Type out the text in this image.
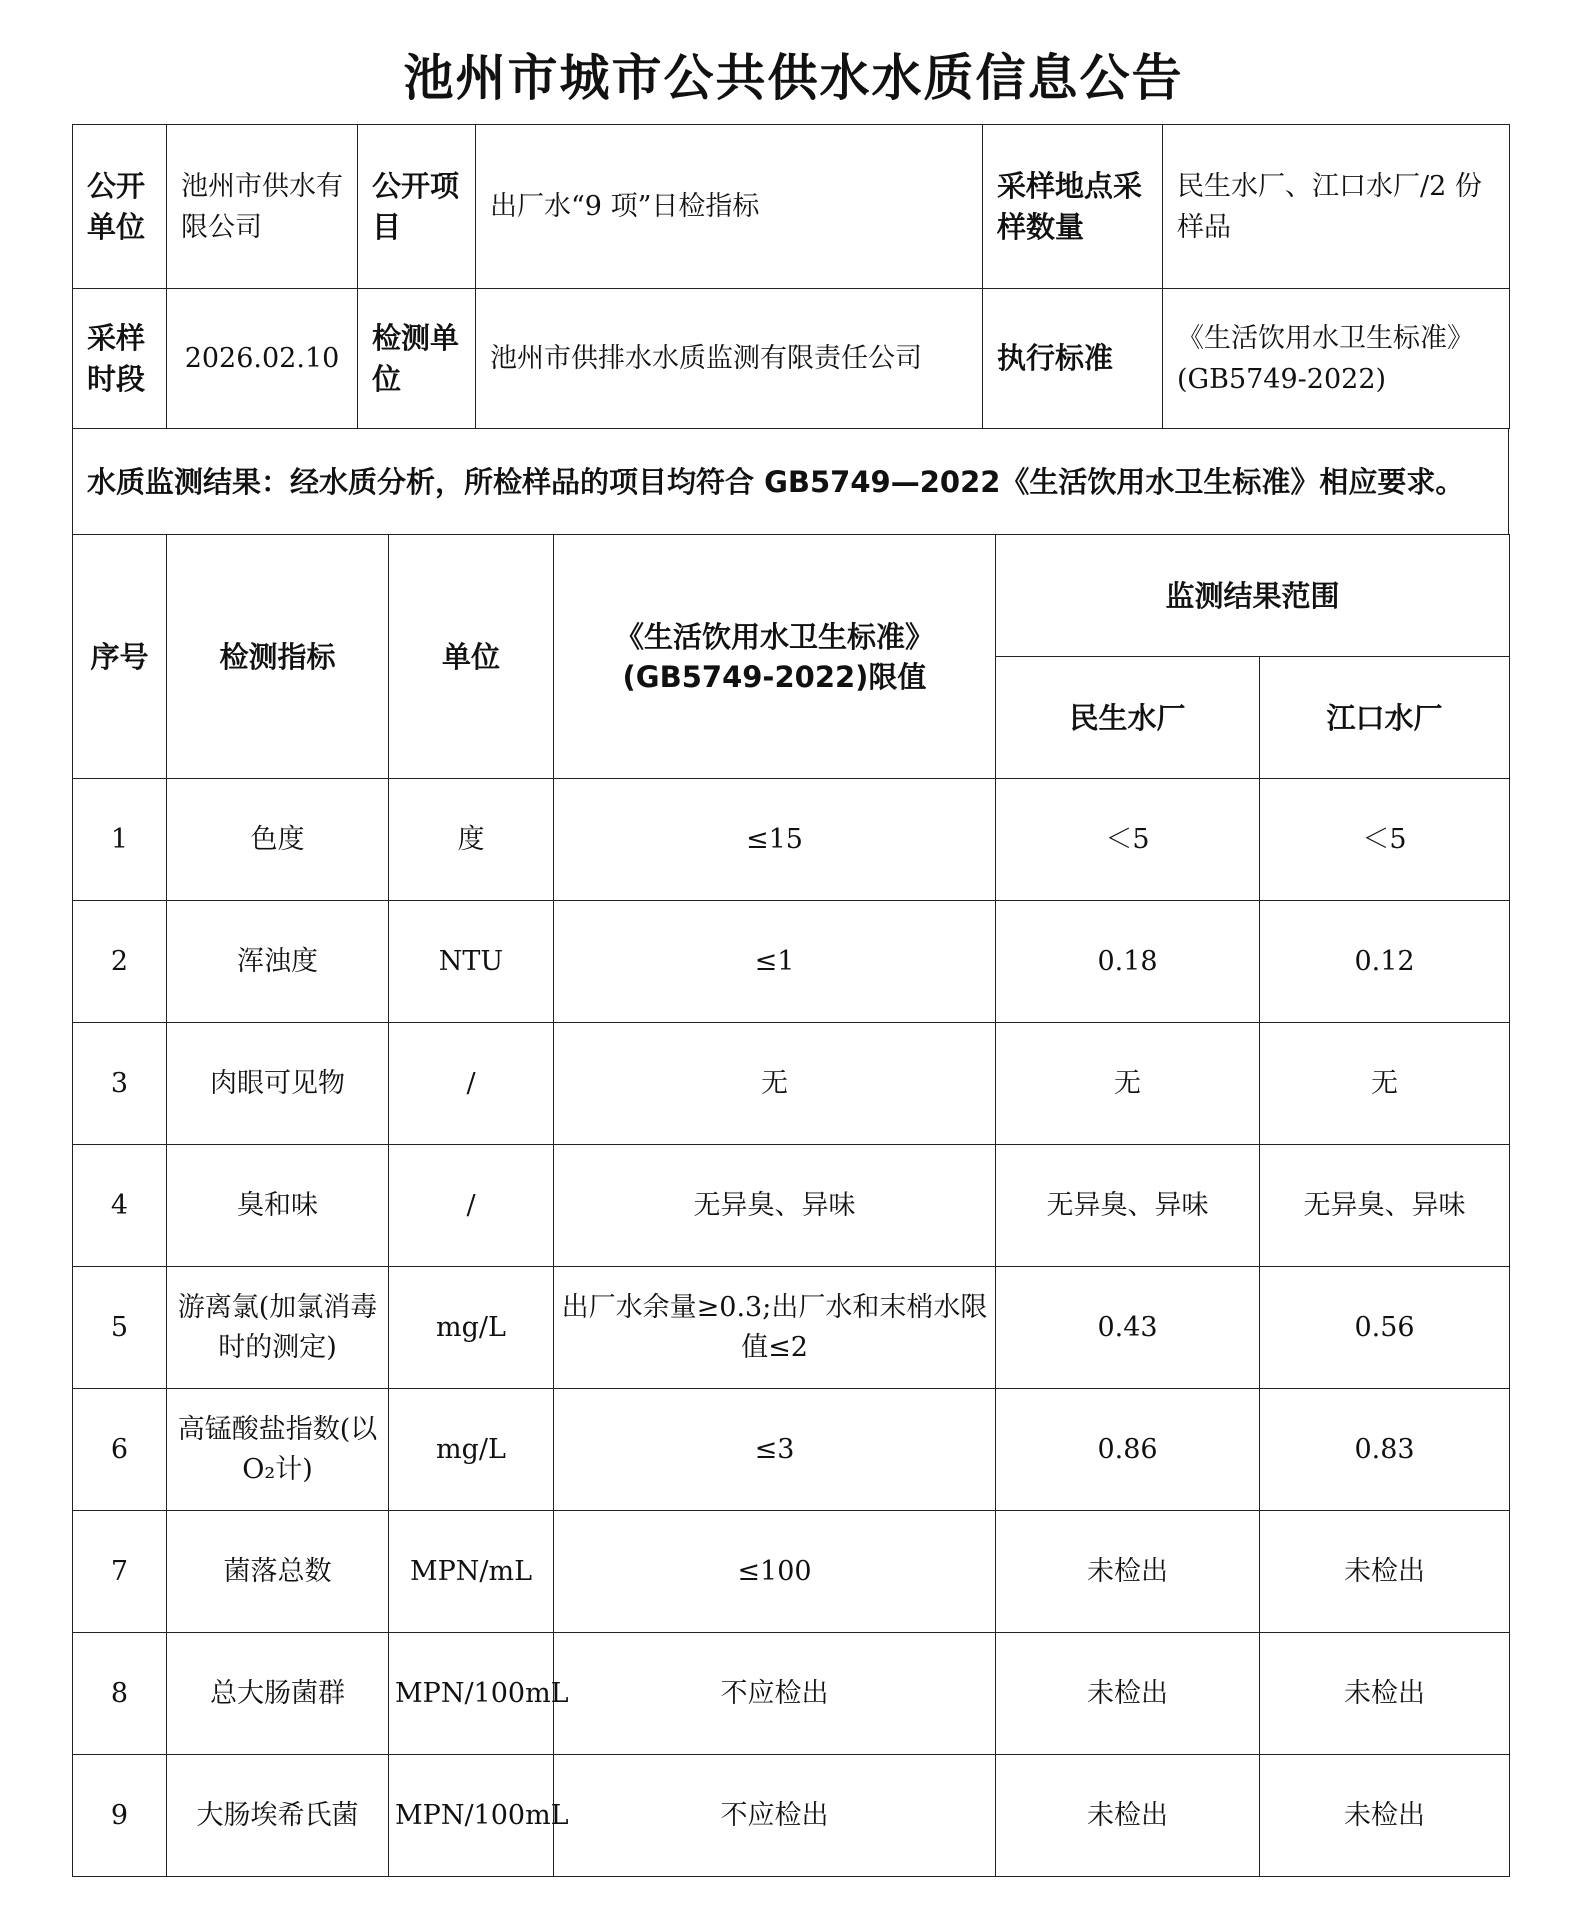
池州市城市公共供水水质信息公告
公开单位	池州市供水有限公司	公开项目	出厂水“9 项”日检指标	采样地点采样数量	民生水厂、江口水厂/2 份样品
采样时段	2026.02.10	检测单位	池州市供排水水质监测有限责任公司	执行标准	《生活饮用水卫生标准》(GB5749-2022)
水质监测结果：经水质分析，所检样品的项目均符合 GB5749—2022《生活饮用水卫生标准》相应要求。
序号	检测指标	单位	《生活饮用水卫生标准》(GB5749-2022)限值	监测结果范围	
				民生水厂	江口水厂
1	色度	度	≤15	＜5	＜5
2	浑浊度	NTU	≤1	0.18	0.12
3	肉眼可见物	/	无	无	无
4	臭和味	/	无异臭、异味	无异臭、异味	无异臭、异味
5	游离氯(加氯消毒时的测定)	mg/L	出厂水余量≥0.3;出厂水和末梢水限值≤2	0.43	0.56
6	高锰酸盐指数(以 O₂计)	mg/L	≤3	0.86	0.83
7	菌落总数	MPN/mL	≤100	未检出	未检出
8	总大肠菌群	MPN/100mL	不应检出	未检出	未检出
9	大肠埃希氏菌	MPN/100mL	不应检出	未检出	未检出
